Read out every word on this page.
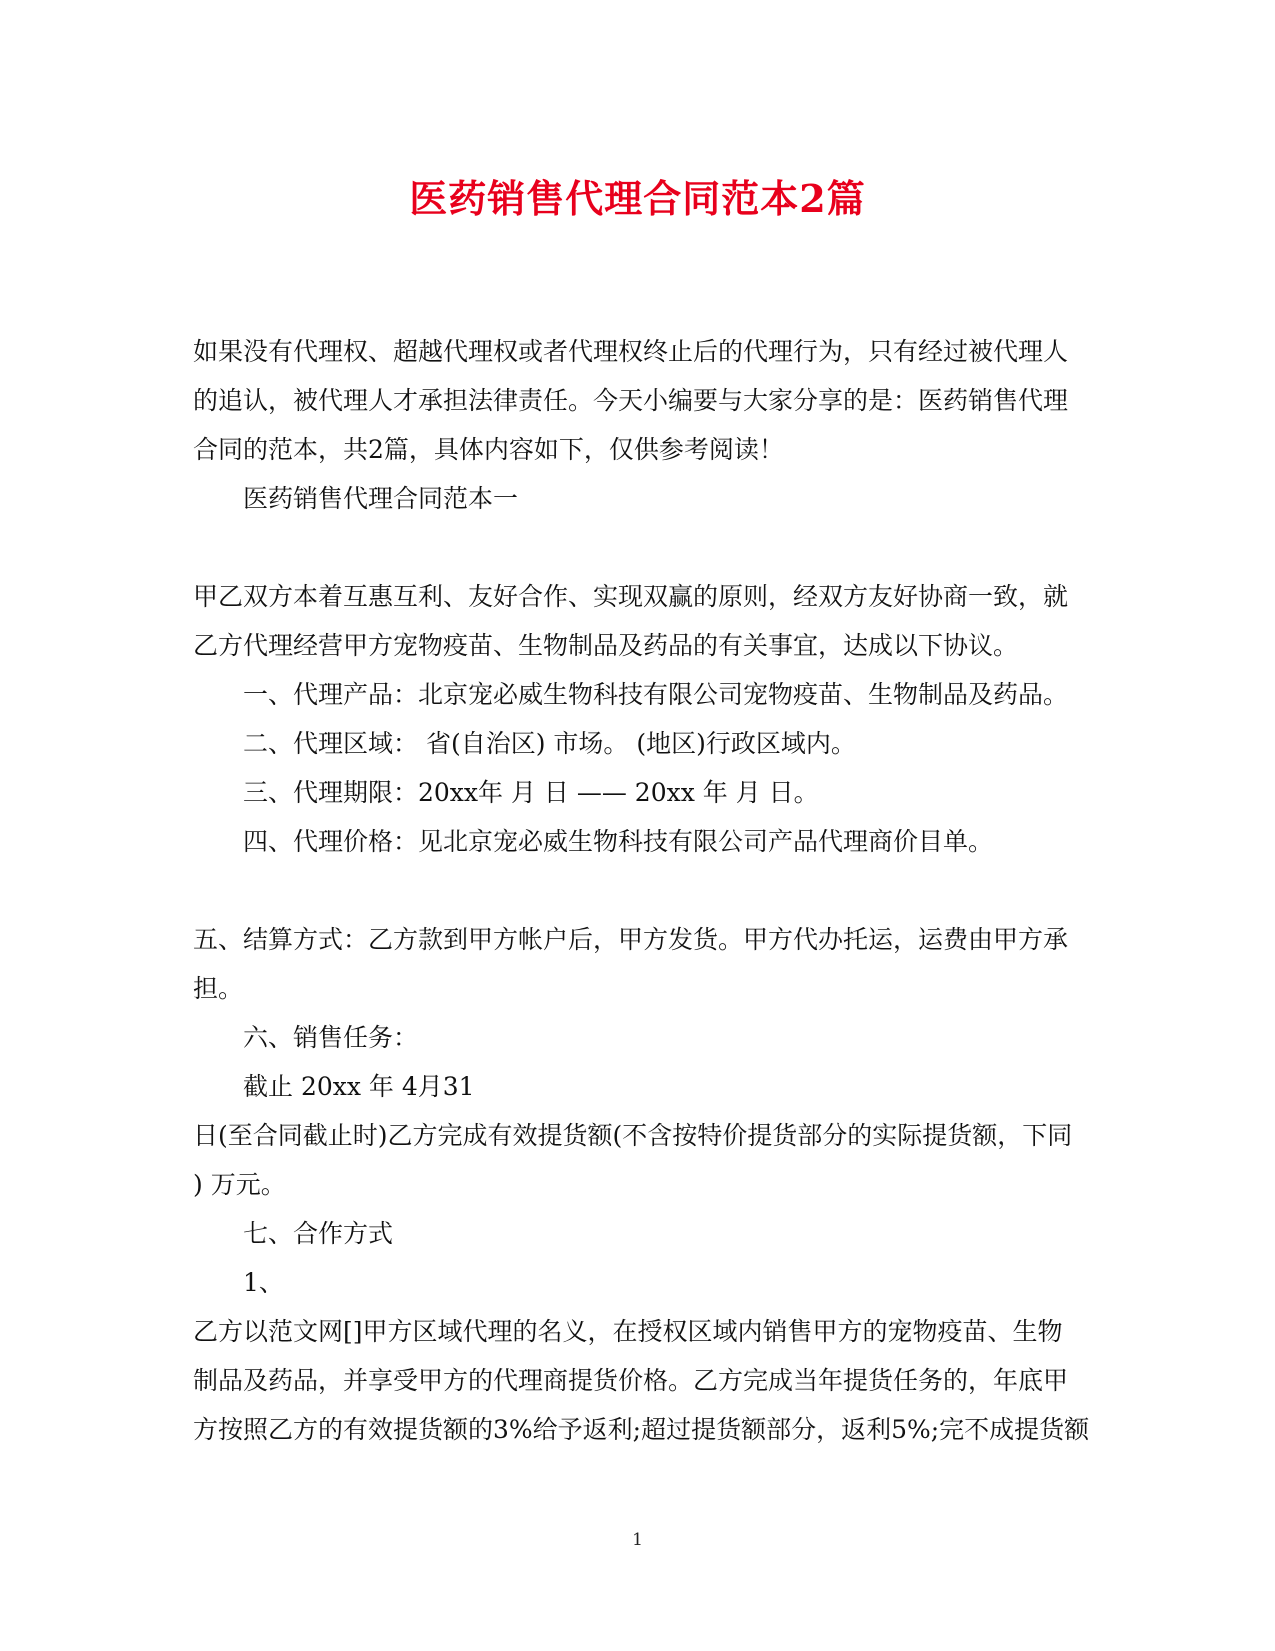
医药销售代理合同范本2篇
如果没有代理权、超越代理权或者代理权终止后的代理行为，只有经过被代理人
的追认，被代理人才承担法律责任。今天小编要与大家分享的是：医药销售代理
合同的范本，共2篇，具体内容如下，仅供参考阅读！
医药销售代理合同范本一
甲乙双方本着互惠互利、友好合作、实现双赢的原则，经双方友好协商一致，就
乙方代理经营甲方宠物疫苗、生物制品及药品的有关事宜，达成以下协议。
一、代理产品：北京宠必威生物科技有限公司宠物疫苗、生物制品及药品。
二、代理区域： 省(自治区) 市场。 (地区)行政区域内。
三、代理期限：20xx年 月 日 —— 20xx 年 月 日。
四、代理价格：见北京宠必威生物科技有限公司产品代理商价目单。
五、结算方式：乙方款到甲方帐户后，甲方发货。甲方代办托运，运费由甲方承
担。
六、销售任务：
截止 20xx 年 4月31
日(至合同截止时)乙方完成有效提货额(不含按特价提货部分的实际提货额，下同
) 万元。
七、合作方式
1、
乙方以范文网[]甲方区域代理的名义，在授权区域内销售甲方的宠物疫苗、生物
制品及药品，并享受甲方的代理商提货价格。乙方完成当年提货任务的，年底甲
方按照乙方的有效提货额的3%给予返利;超过提货额部分，返利5%;完不成提货额
1
